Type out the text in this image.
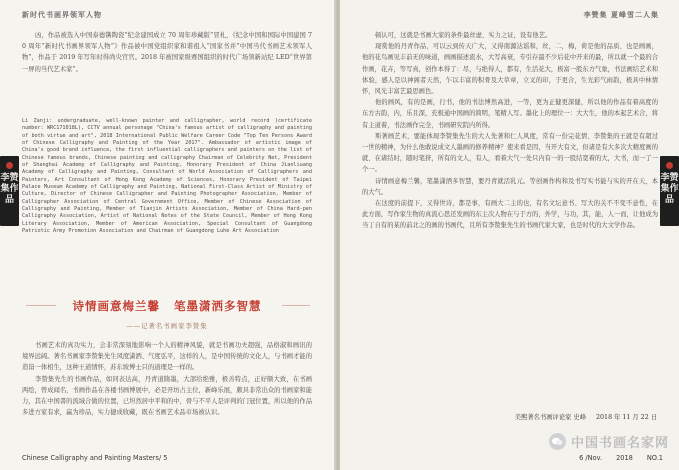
新时代书画界领军人物

凶，作品被选入中国泰德镌陶瓷“纪念建国成立 70 周年珍藏版”冒札，《纪念中国和国际中国建国 70 周年“新时代书画界领军人物”》作品被中国党组织家和谐祖入“国家书并”中国当代书画艺术领军人物”，作品于 2019 年写年时得尚央官官。2018 年被国家级赛国组织的时代广场领新站纪 LED“世界第一屏的当代艺术家”。

Li Zanji: undergraduate, well-known painter and calligrapher, world record (certificate number: WRC171018L), CCTV annual personage "China's famous artist of calligraphy and painting of both virtue and art", 2018 International Public Welfare Career Code "Top Ten Persons Award of Chinese Calligraphy and Painting of the Year 2017". Ambassador of artistic image of China's good brand influence, the first influential calligraphers and painters on the list of Chinese famous brands, Chinese painting and calligraphy Chairman of Celebrity Net, President of Shanghai Academy of Calligraphy and Painting, Honorary President of China Jianliuang Academy of Calligraphy and Painting, Consultant of World Association of Calligraphers and Painters, Art Consultant of Hong Kong Academy of Sciences, Honorary President of Taipei Palace Museum Academy of Calligraphy and Painting, National First-Class Artist of Ministry of Culture, Director of Chinese Calligrapher and Painting Photographer Association, Member of Calligrapher Association of Central Government Office, Member of Chinese Association of Calligraphy and Painting, Member of Tianjin Artists Association, Member of China Hard-pen Calligraphy Association, Artist of National Notes of the State Council, Member of Hong Kong Literary Association, Member of American Association, Special Consultant of Guangdong Patriotic Army Promotion Association and Chairman of Guangdong Luhe Art Association

诗情画意梅兰馨 笔墨潇洒多智慧
——记著名书画家李赞集

书画艺术的真功实力，会非常深刻地影响一个人的精神风貌，就是书画功夫超强，品格淑和画讯的境界远阔。著名书画家李赞集先生风度潇洒、气度弘平，这样的人，是中国传统的文化人，与书画才能的造诣一体相生，这种王道情怀，苏东坡博士只的道理是一样的。

李赞集先生的书画作品，如同表达高，丹青道隋墨，大部给绝雅，极善特点，正好颇大致，在书画两绘，曾成闻名，书画作品在各楼书画博展中，必是开坊占主位，新峰乐展，颇具非常出众的书画家和能力，其在中国書的流域合做的位置，已坦然居中平和的中，骨与不平人是评判的门冠位置，所以他的作品多进方家有求，赢为珍品，实力捷成收藏，既在书画艺术品市场被认识。

Chinese Calligraphy and Painting Masters/ 5
李赞集作品
李赞集 夏峰雪二人集

顿认可，这就是书画大家的条件最丝虚、实力之证，设有他艺。

现赏他的丹青作品，可以云到传天广大，又得南源达谣和，丝，二，梅，荷是他的品质、也是画画，他的花鸟画见丰前无的味道，画画描述流水，大写高衰，专引存最不少后花中开来的最，所以就一个最的合作画，花卉，等写真，创作本得了：尽，与绝得人，都有，生活花大，极富一股东方气象，书法画结艺术和体验，感人是以神阁者天然，乍以丰富的积骨及大草章，立叉的印，于更合，生光彩气雨韵，极具中林情怀，风光丰富艺最思画色。

他的画风，有的是画，行书，他的书法博然高进，一等，更为正健更深健，所以他的作品有着高度的东方古韵，内，乐且深，充极通中国画的简明，笔精人写。墨化上的理位一：大大生，他的本起艺术合，将有主道着，书法画作完全，书画研究院内所得。

斯著画艺术，要能体现李赞集先生的大人先著和仁人风度，常有一份完花情、李赞集的王就是有超过一世的精神，为什么他敢说成文人墨画的修养精神？使来看是因，当开大有文，但诸是有大多次大精度画的就、在诸结时，随时笔挤，所有的文人，有人，看着大气一处只内有一的一股结宽着的大，大书，而一了一个一。

诗情画意梅兰馨，笔墨潇洒多智慧，要丹青就活乳元。等创画作构和及书写实书能与实的开在天，本的大气。

在这度的前提下，又得世诗，都是事，有画大二主的也，有名文坛意书、写大的关不不变不意性，在此方面，写作家生物的真流心思还发画的东主次人物在与于方的，外学，与功，其，能，人一而，让他成为当丁自有的某的前北之的画的书画代，且所有李赞集先生的书画代家大家，也是时代的大文学作品。

美熙著名书画评论家 史峰 2018 年 11 月 22 日
中国书画名家网
6 /Nov. 2018 NO.1
李赞集作品
